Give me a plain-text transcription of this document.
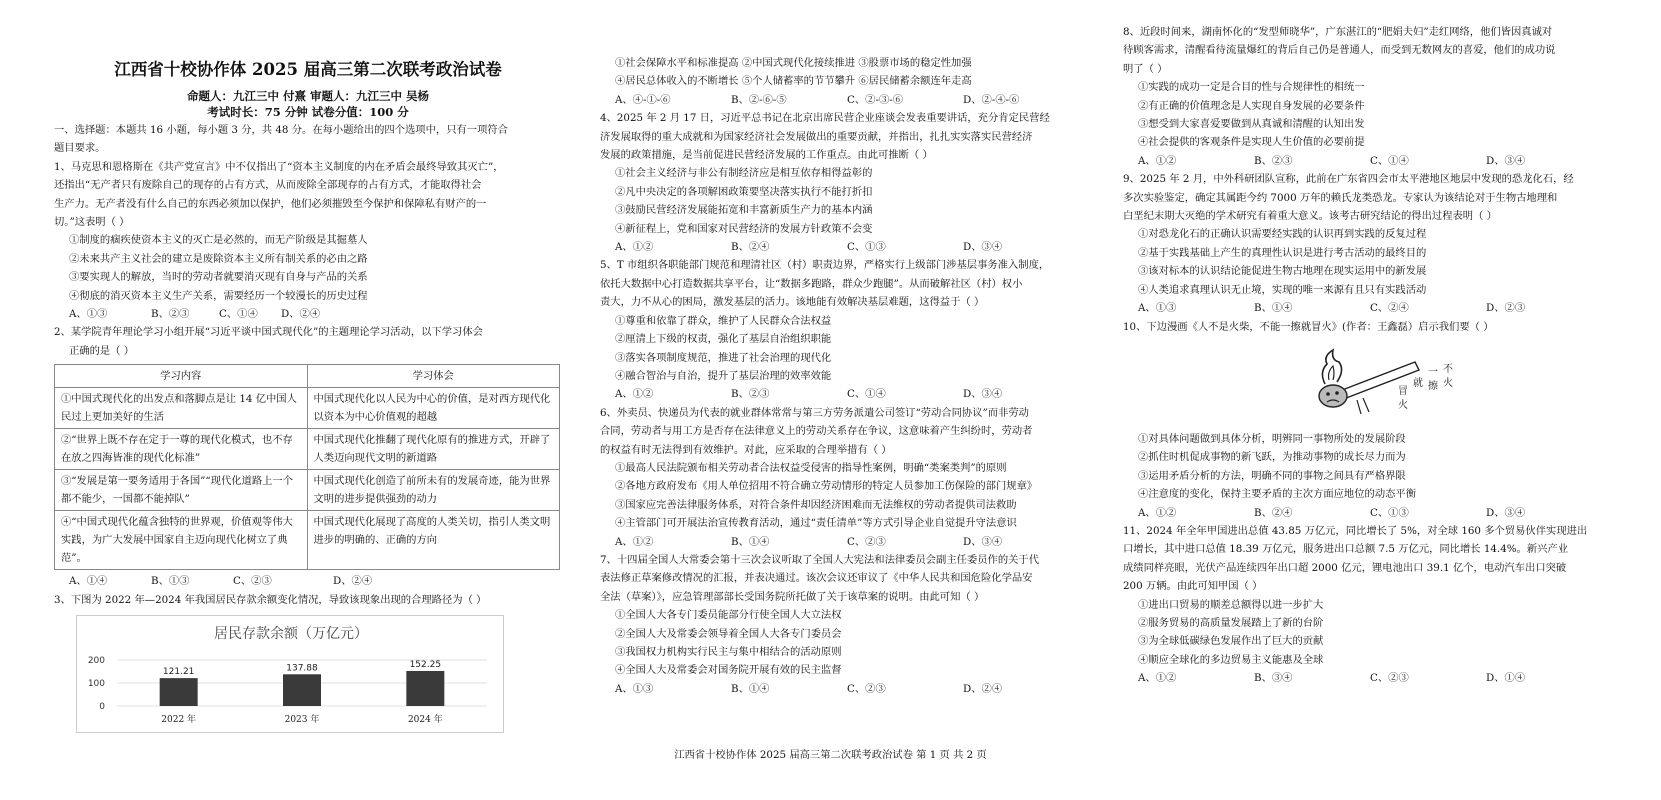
江西省十校协作体 2025 届高三第二次联考政治试卷
命题人：九江三中 付熹 审题人：九江三中 吴杨
考试时长：75 分钟 试卷分值：100 分
一、选择题：本题共 16 小题，每小题 3 分，共 48 分。在每小题给出的四个选项中，只有一项符合
题目要求。
1、马克思和恩格斯在《共产党宣言》中不仅指出了“资本主义制度的内在矛盾会最终导致其灭亡”，
还指出“无产者只有废除自己的现存的占有方式，从而废除全部现存的占有方式，才能取得社会
生产力。无产者没有什么自己的东西必须加以保护，他们必须摧毁至今保护和保障私有财产的一
切。”这表明（ ）
①制度的痼疾使资本主义的灭亡是必然的，而无产阶级是其掘墓人
②未来共产主义社会的建立是废除资本主义所有制关系的必由之路
③要实现人的解放，当时的劳动者就要消灭现有自身与产品的关系
④彻底的消灭资本主义生产关系，需要经历一个较漫长的历史过程
A、①③	B、②③	C、①④	D、②④
2、某学院青年理论学习小组开展“习近平谈中国式现代化”的主题理论学习活动，以下学习体会
正确的是（ ）
学习内容	学习体会
①中国式现代化的出发点和落脚点是让 14 亿中国人民过上更加美好的生活	中国式现代化以人民为中心的价值，是对西方现代化以资本为中心价值观的超越
②“世界上既不存在定于一尊的现代化模式，也不存在放之四海皆准的现代化标准”	中国式现代化推翻了现代化原有的推进方式，开辟了人类迈向现代文明的新道路
③“发展是第一要务适用于各国”“现代化道路上一个都不能少，一国都不能掉队”	中国式现代化创造了前所未有的发展奇迹，能为世界文明的进步提供强劲的动力
④“中国式现代化蕴含独特的世界观，价值观等伟大实践，为广大发展中国家自主迈向现代化树立了典范”。	中国式现代化展现了高度的人类关切，指引人类文明进步的明确的、正确的方向
A、①④	B、①③	C、②③	D、②④
3、下图为 2022 年—2024 年我国居民存款余额变化情况，导致该现象出现的合理路径为（ ）
居民存款余额（万亿元）
200
100
0
121.21
2022 年
137.88
2023 年
152.25
2024 年
①社会保障水平和标准提高 ②中国式现代化接续推进 ③股票市场的稳定性加强
④居民总体收入的不断增长 ⑤个人储蓄率的节节攀升 ⑥居民储蓄余额连年走高
A、④-①-⑥	B、②-⑥-⑤	C、②-③-⑥	D、②-④-⑥
4、2025 年 2 月 17 日，习近平总书记在北京出席民营企业座谈会发表重要讲话，充分肯定民营经
济发展取得的重大成就和为国家经济社会发展做出的重要贡献，并指出，扎扎实实落实民营经济
发展的政策措施，是当前促进民营经济发展的工作重点。由此可推断（ ）
①社会主义经济与非公有制经济应是相互依存相得益彰的
②凡中央决定的各项解困政策要坚决落实执行不能打折扣
③鼓励民营经济发展能拓宽和丰富新质生产力的基本内涵
④新征程上，党和国家对民营经济的发展方针政策不会变
A、①②	B、②④	C、①③	D、③④
5、T 市组织各职能部门规范和理清社区（村）职责边界，严格实行上级部门涉基层事务准入制度，
依托大数据中心打造数据共享平台，让“数据多跑路，群众少跑腿”。从而破解社区（村）权小
责大，力不从心的困局，激发基层的活力。该地能有效解决基层难题，这得益于（ ）
①尊重和依靠了群众，维护了人民群众合法权益
②厘清上下级的权责，强化了基层自治组织职能
③落实各项制度规范，推进了社会治理的现代化
④融合智治与自治，提升了基层治理的效率效能
A、①②	B、②③	C、①④	D、③④
6、外卖员、快递员为代表的就业群体常常与第三方劳务派遣公司签订“劳动合同协议”而非劳动
合同，劳动者与用工方是否存在法律意义上的劳动关系存在争议，这意味着产生纠纷时，劳动者
的权益有时无法得到有效维护。对此，应采取的合理举措有（ ）
①最高人民法院颁布相关劳动者合法权益受侵害的指导性案例，明确“类案类判”的原则
②各地方政府发布《用人单位招用不符合确立劳动情形的特定人员参加工伤保险的部门规章》
③国家应完善法律服务体系，对符合条件却因经济困难而无法维权的劳动者提供司法救助
④主管部门可开展法治宣传教育活动，通过“责任清单”等方式引导企业自觉提升守法意识
A、①②	B、①④	C、②③	D、③④
7、十四届全国人大常委会第十三次会议听取了全国人大宪法和法律委员会副主任委员作的关于代
表法修正草案修改情况的汇报，并表决通过。该次会议还审议了《中华人民共和国危险化学品安
全法（草案）》，应急管理部部长受国务院所托做了关于该草案的说明。由此可知（ ）
①全国人大各专门委员能部分行使全国人大立法权
②全国人大及常委会领导着全国人大各专门委员会
③我国权力机构实行民主与集中相结合的活动原则
④全国人大及常委会对国务院开展有效的民主监督
A、①③	B、①④	C、②③	D、②④
8、近段时间来，湖南怀化的“发型师晓华”，广东湛江的“肥娟夫妇”走红网络，他们皆因真诚对
待顾客需求，清醒看待流量爆红的背后自己仍是普通人，而受到无数网友的喜爱，他们的成功说
明了（ ）
①实践的成功一定是合目的性与合规律性的相统一
②有正确的价值理念是人实现自身发展的必要条件
③想受到大家喜爱要做到从真诚和清醒的认知出发
④社会提供的客观条件是实现人生价值的必要前提
A、①②	B、②③	C、①④	D、③④
9、2025 年 2 月，中外科研团队宣称，此前在广东省四会市太平港地区地层中发现的恐龙化石，经
多次实验鉴定，确定其属距今约 7000 万年的赖氏龙类恐龙。专家认为该结论对于生物古地理和
白垩纪末期大灭绝的学术研究有着重大意义。该考古研究结论的得出过程表明（ ）
①对恐龙化石的正确认识需要经实践的认识再到实践的反复过程
②基于实践基础上产生的真理性认识是进行考古活动的最终目的
③该对标本的认识结论能促进生物古地理在现实运用中的新发展
④人类追求真理认识无止境，实现的唯一来源有且只有实践活动
A、①③	B、①④	C、②④	D、②③
10、下边漫画《人不是火柴，不能一擦就冒火》(作者：王鑫磊）启示我们要（ ）
不
火
一
擦
就
冒
火
①对具体问题做到具体分析，明辨同一事物所处的发展阶段
②抓住时机促成事物的新飞跃，为推动事物的成长尽力而为
③运用矛盾分析的方法，明确不同的事物之间具有严格界限
④注意度的变化，保持主要矛盾的主次方面应地位的动态平衡
A、①②	B、②④	C、①③	D、③④
11、2024 年全年甲国进出总值 43.85 万亿元，同比增长了 5%，对全球 160 多个贸易伙伴实现进出
口增长，其中进口总值 18.39 万亿元，服务进出口总额 7.5 万亿元，同比增长 14.4%。新兴产业
成绩同样亮眼，光伏产品连续四年出口超 2000 亿元，锂电池出口 39.1 亿个，电动汽车出口突破
200 万辆。由此可知甲国（ ）
①进出口贸易的顺差总额得以进一步扩大
②服务贸易的高质量发展踏上了新的台阶
③为全球低碳绿色发展作出了巨大的贡献
④顺应全球化的多边贸易主义能惠及全球
A、①②	B、③④	C、②③	D、①④
江西省十校协作体 2025 届高三第二次联考政治试卷 第 1 页 共 2 页
